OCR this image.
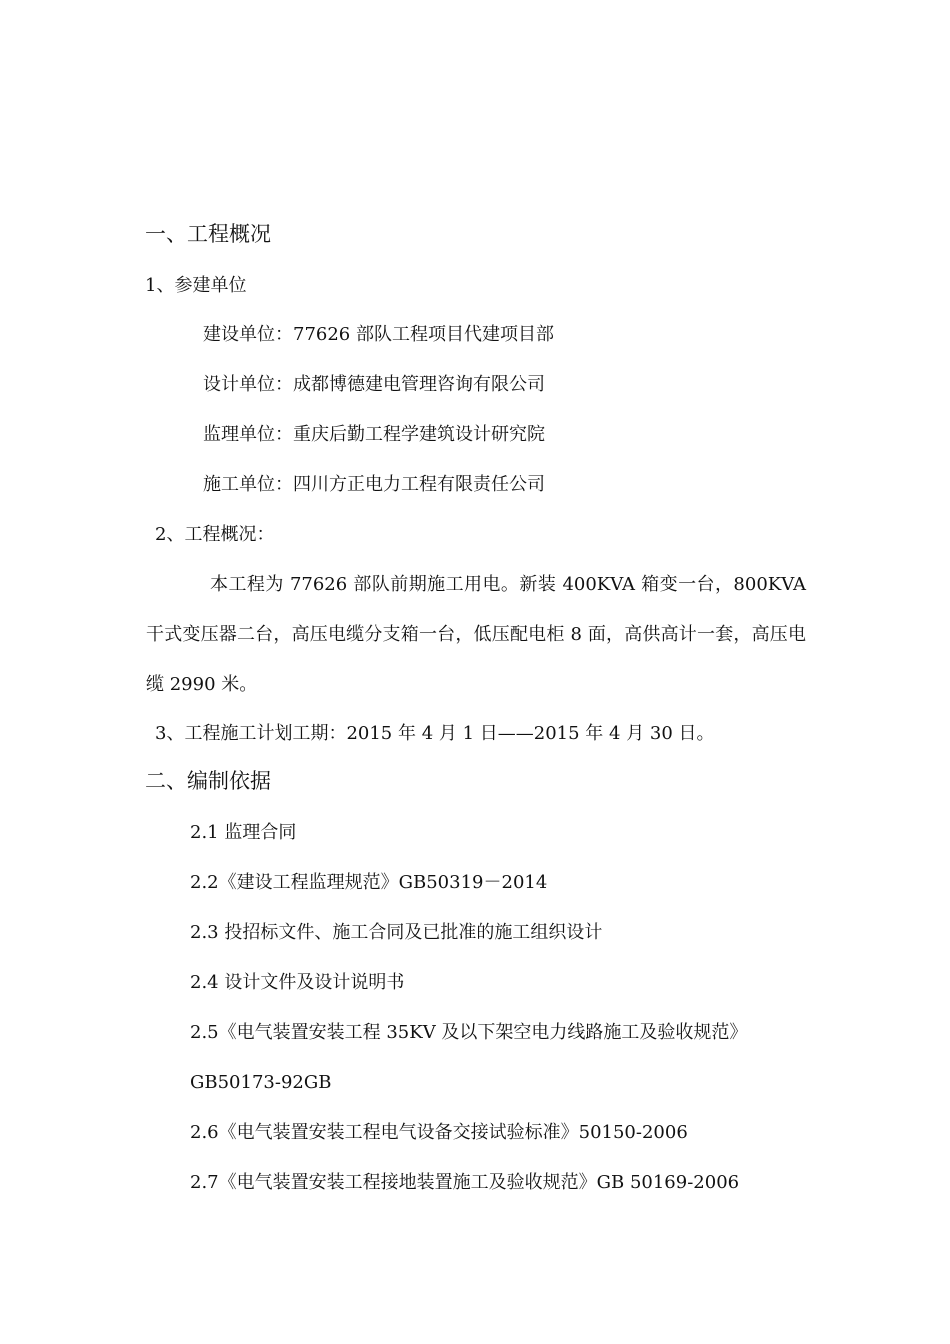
一、工程概况
1、参建单位
建设单位：77626 部队工程项目代建项目部
设计单位：成都博德建电管理咨询有限公司
监理单位：重庆后勤工程学建筑设计研究院
施工单位：四川方正电力工程有限责任公司
2、工程概况：

本工程为 77626 部队前期施工用电。新装 400KVA 箱变一台，800KVA 干式变压器二台，高压电缆分支箱一台，低压配电柜 8 面，高供高计一套，高压电缆 2990 米。

3、工程施工计划工期：2015 年 4 月 1 日——2015 年 4 月 30 日。
二、编制依据
2.1 监理合同
2.2《建设工程监理规范》GB50319－2014
2.3 投招标文件、施工合同及已批准的施工组织设计
2.4 设计文件及设计说明书
2.5《电气装置安装工程 35KV 及以下架空电力线路施工及验收规范》
GB50173-92GB
2.6《电气装置安装工程电气设备交接试验标准》50150-2006
2.7《电气装置安装工程接地装置施工及验收规范》GB 50169-2006
